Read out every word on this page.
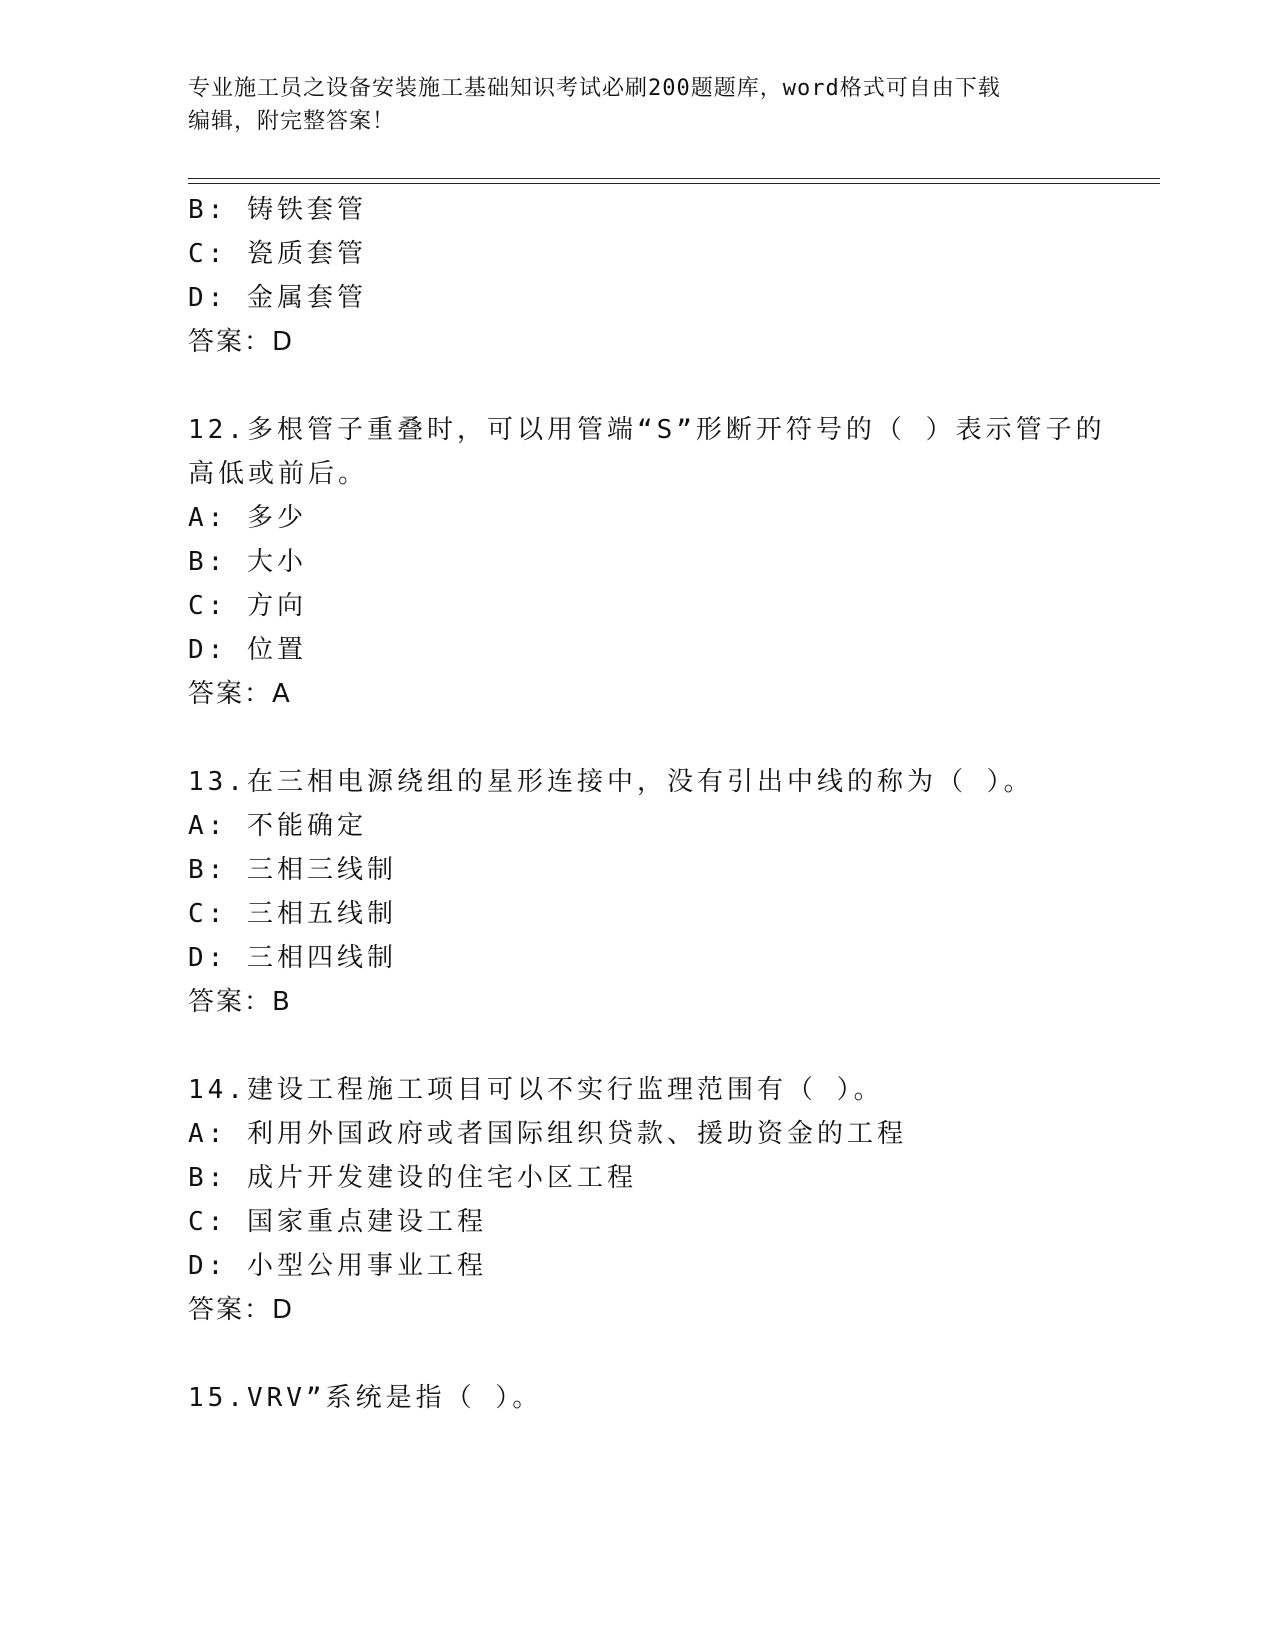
专业施工员之设备安装施工基础知识考试必刷200题题库，word格式可自由下载
编辑，附完整答案！
B: 铸铁套管
C: 瓷质套管
D: 金属套管
答案：D
12.多根管子重叠时，可以用管端“S”形断开符号的（ ）表示管子的
高低或前后。
A: 多少
B: 大小
C: 方向
D: 位置
答案：A
13.在三相电源绕组的星形连接中，没有引出中线的称为（ ）。
A: 不能确定
B: 三相三线制
C: 三相五线制
D: 三相四线制
答案：B
14.建设工程施工项目可以不实行监理范围有（ ）。
A: 利用外国政府或者国际组织贷款、援助资金的工程
B: 成片开发建设的住宅小区工程
C: 国家重点建设工程
D: 小型公用事业工程
答案：D
15.VRV”系统是指（ ）。
